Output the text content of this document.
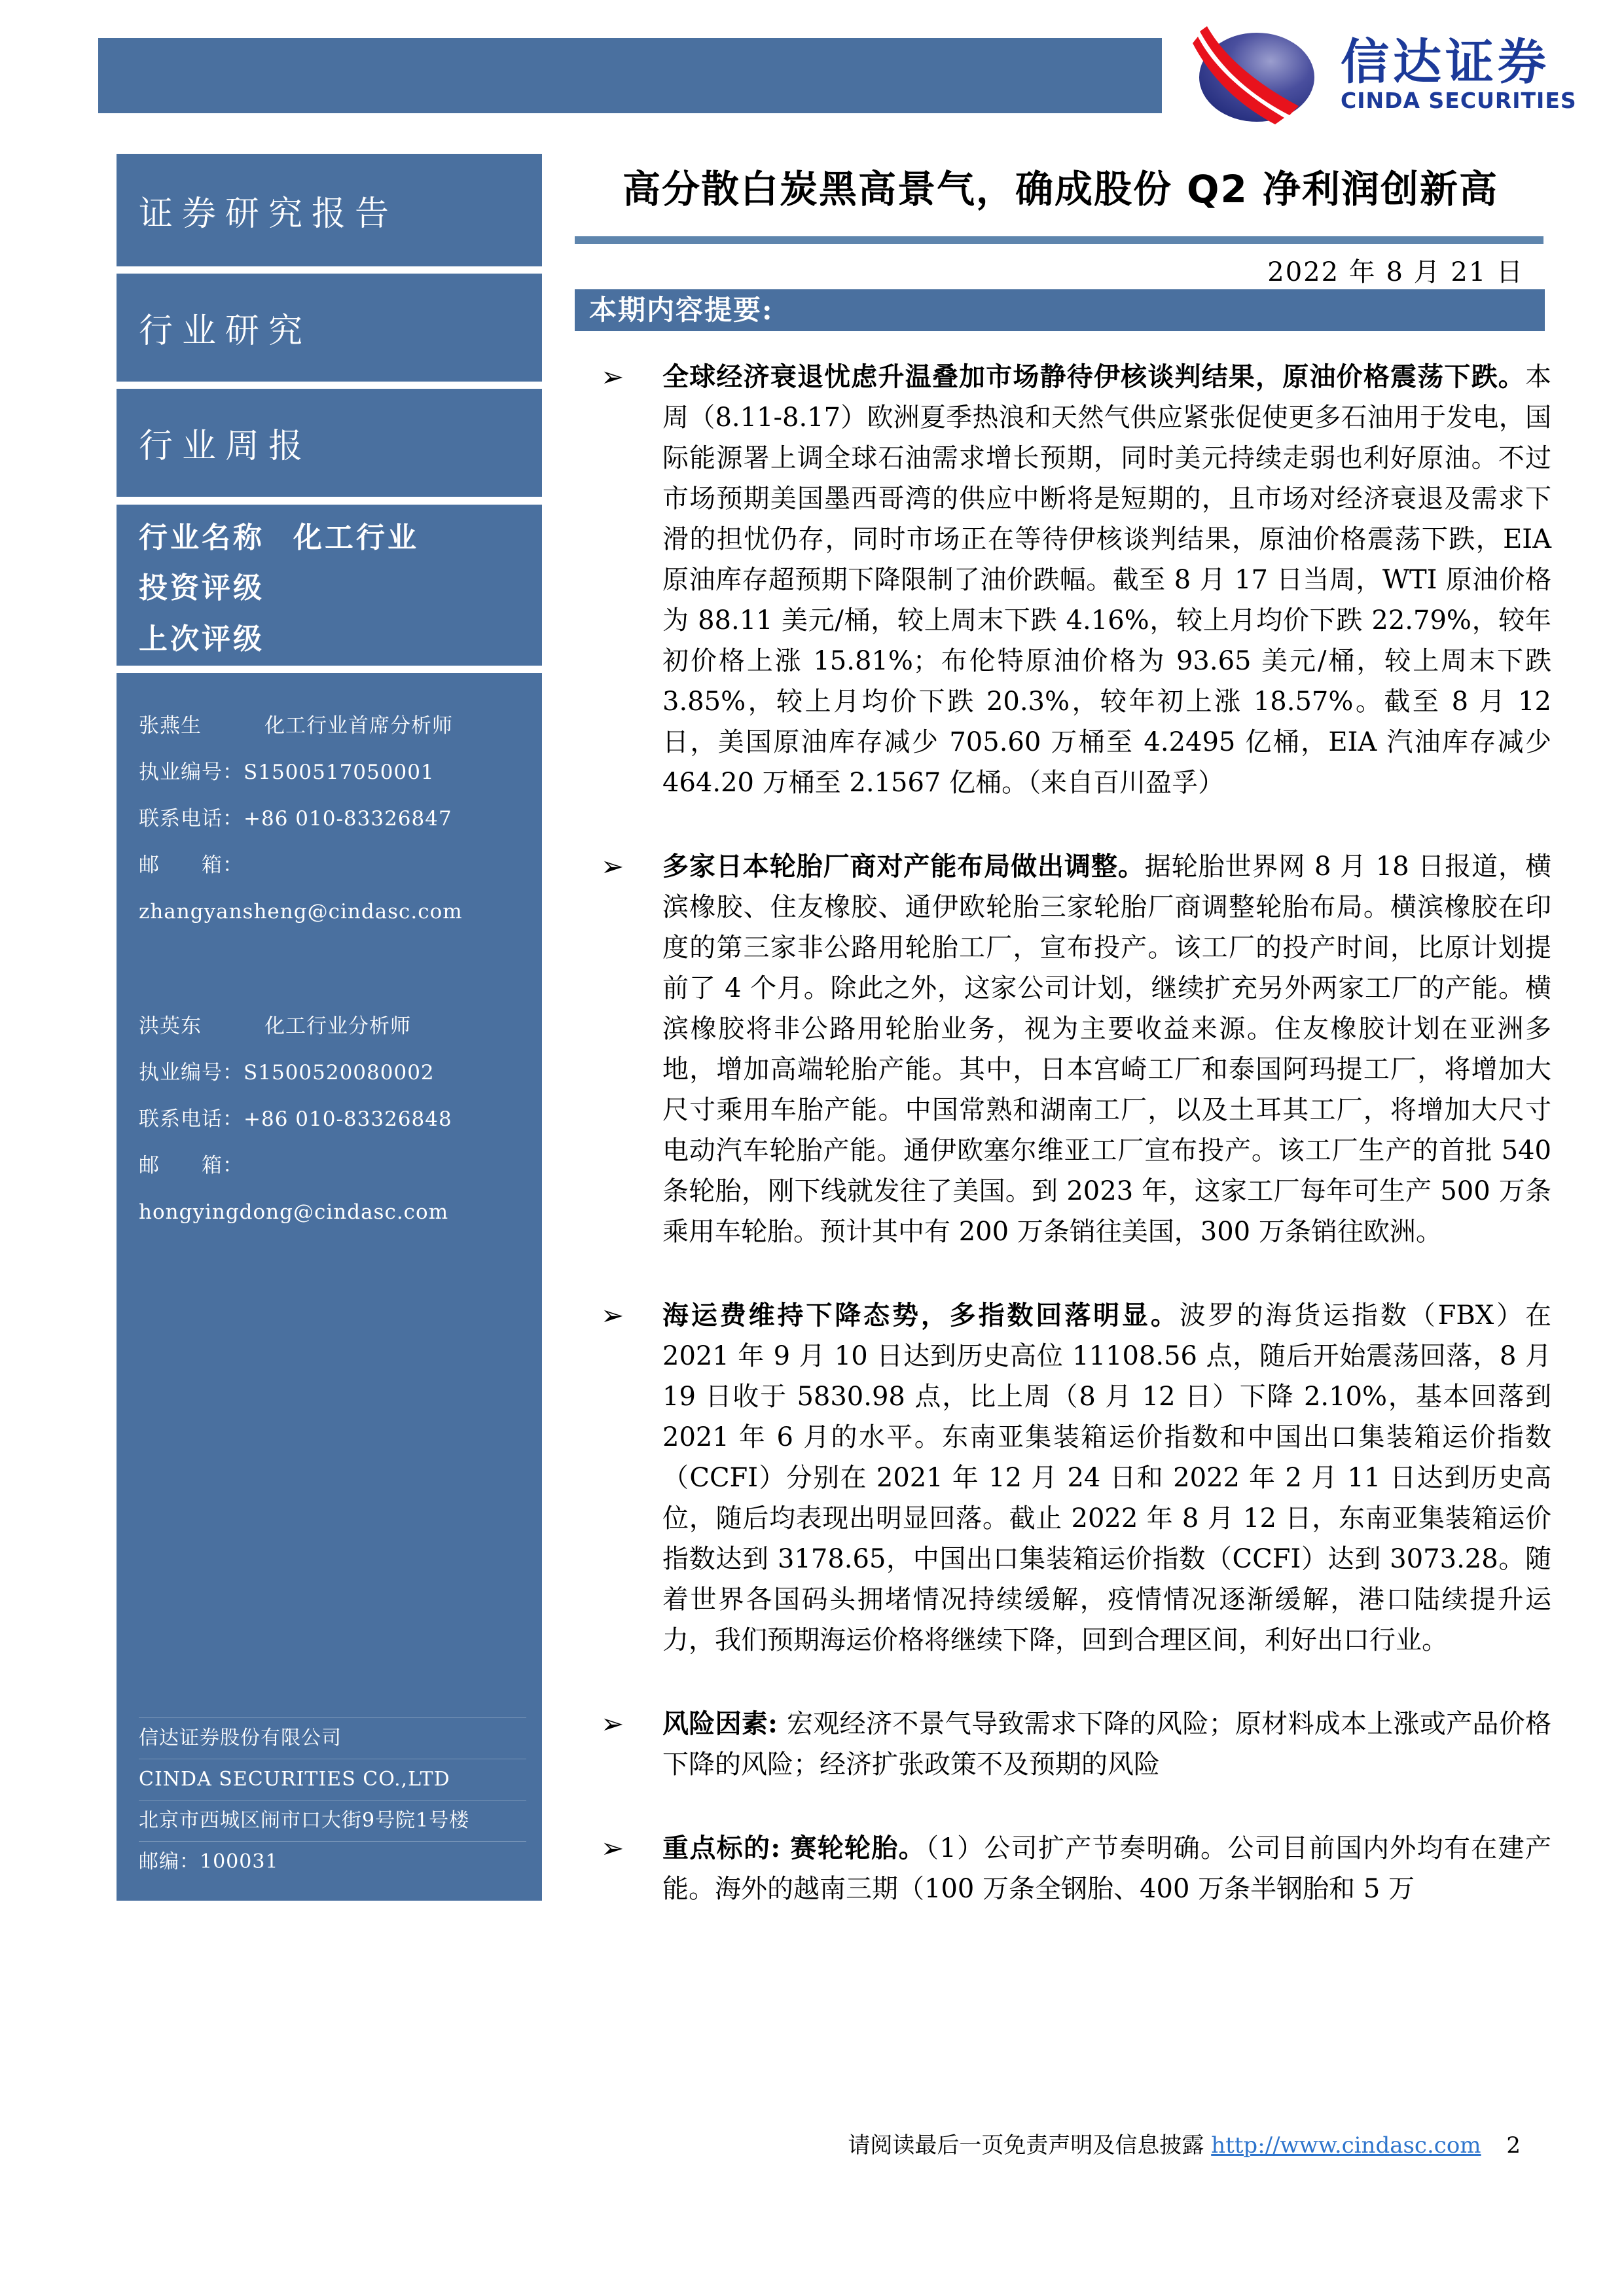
信达证券
CINDA SECURITIES
证券研究报告
行业研究
行业周报
行业名称 化工行业
投资评级
上次评级
张燕生　　　化工行业首席分析师
执业编号：S1500517050001
联系电话：+86 010-83326847
邮　　箱：zhangyansheng@cindasc.com
洪英东　　　化工行业分析师
执业编号：S1500520080002
联系电话：+86 010-83326848
邮　　箱：hongyingdong@cindasc.com
信达证券股份有限公司
CINDA SECURITIES CO.,LTD
北京市西城区闹市口大街9号院1号楼
邮编：100031
高分散白炭黑高景气，确成股份 Q2 净利润创新高
2022 年 8 月 21 日
本期内容提要:
➢	全球经济衰退忧虑升温叠加市场静待伊核谈判结果，原油价格震荡下跌。本周（8.11-8.17）欧洲夏季热浪和天然气供应紧张促使更多石油用于发电，国际能源署上调全球石油需求增长预期，同时美元持续走弱也利好原油。不过市场预期美国墨西哥湾的供应中断将是短期的，且市场对经济衰退及需求下滑的担忧仍存，同时市场正在等待伊核谈判结果，原油价格震荡下跌，EIA 原油库存超预期下降限制了油价跌幅。截至 8 月 17 日当周，WTI 原油价格为 88.11 美元/桶，较上周末下跌 4.16%，较上月均价下跌 22.79%，较年初价格上涨 15.81%；布伦特原油价格为 93.65 美元/桶，较上周末下跌 3.85%，较上月均价下跌 20.3%，较年初上涨 18.57%。截至 8 月 12 日，美国原油库存减少 705.60 万桶至 4.2495 亿桶，EIA 汽油库存减少 464.20 万桶至 2.1567 亿桶。（来自百川盈孚）

➢	多家日本轮胎厂商对产能布局做出调整。据轮胎世界网 8 月 18 日报道，横滨橡胶、住友橡胶、通伊欧轮胎三家轮胎厂商调整轮胎布局。横滨橡胶在印度的第三家非公路用轮胎工厂，宣布投产。该工厂的投产时间，比原计划提前了 4 个月。除此之外，这家公司计划，继续扩充另外两家工厂的产能。横滨橡胶将非公路用轮胎业务，视为主要收益来源。住友橡胶计划在亚洲多地，增加高端轮胎产能。其中，日本宫崎工厂和泰国阿玛提工厂，将增加大尺寸乘用车胎产能。中国常熟和湖南工厂，以及土耳其工厂，将增加大尺寸电动汽车轮胎产能。通伊欧塞尔维亚工厂宣布投产。该工厂生产的首批 540 条轮胎，刚下线就发往了美国。到 2023 年，这家工厂每年可生产 500 万条乘用车轮胎。预计其中有 200 万条销往美国，300 万条销往欧洲。

➢	海运费维持下降态势，多指数回落明显。波罗的海货运指数（FBX）在 2021 年 9 月 10 日达到历史高位 11108.56 点，随后开始震荡回落，8 月 19 日收于 5830.98 点，比上周（8 月 12 日）下降 2.10%，基本回落到 2021 年 6 月的水平。东南亚集装箱运价指数和中国出口集装箱运价指数（CCFI）分别在 2021 年 12 月 24 日和 2022 年 2 月 11 日达到历史高位，随后均表现出明显回落。截止 2022 年 8 月 12 日，东南亚集装箱运价指数达到 3178.65，中国出口集装箱运价指数（CCFI）达到 3073.28。随着世界各国码头拥堵情况持续缓解，疫情情况逐渐缓解，港口陆续提升运力，我们预期海运价格将继续下降，回到合理区间，利好出口行业。

➢	风险因素: 宏观经济不景气导致需求下降的风险；原材料成本上涨或产品价格下降的风险；经济扩张政策不及预期的风险

➢	重点标的: 赛轮轮胎。（1）公司扩产节奏明确。公司目前国内外均有在建产能。海外的越南三期（100 万条全钢胎、400 万条半钢胎和 5 万

请阅读最后一页免责声明及信息披露 http://www.cindasc.com 2
